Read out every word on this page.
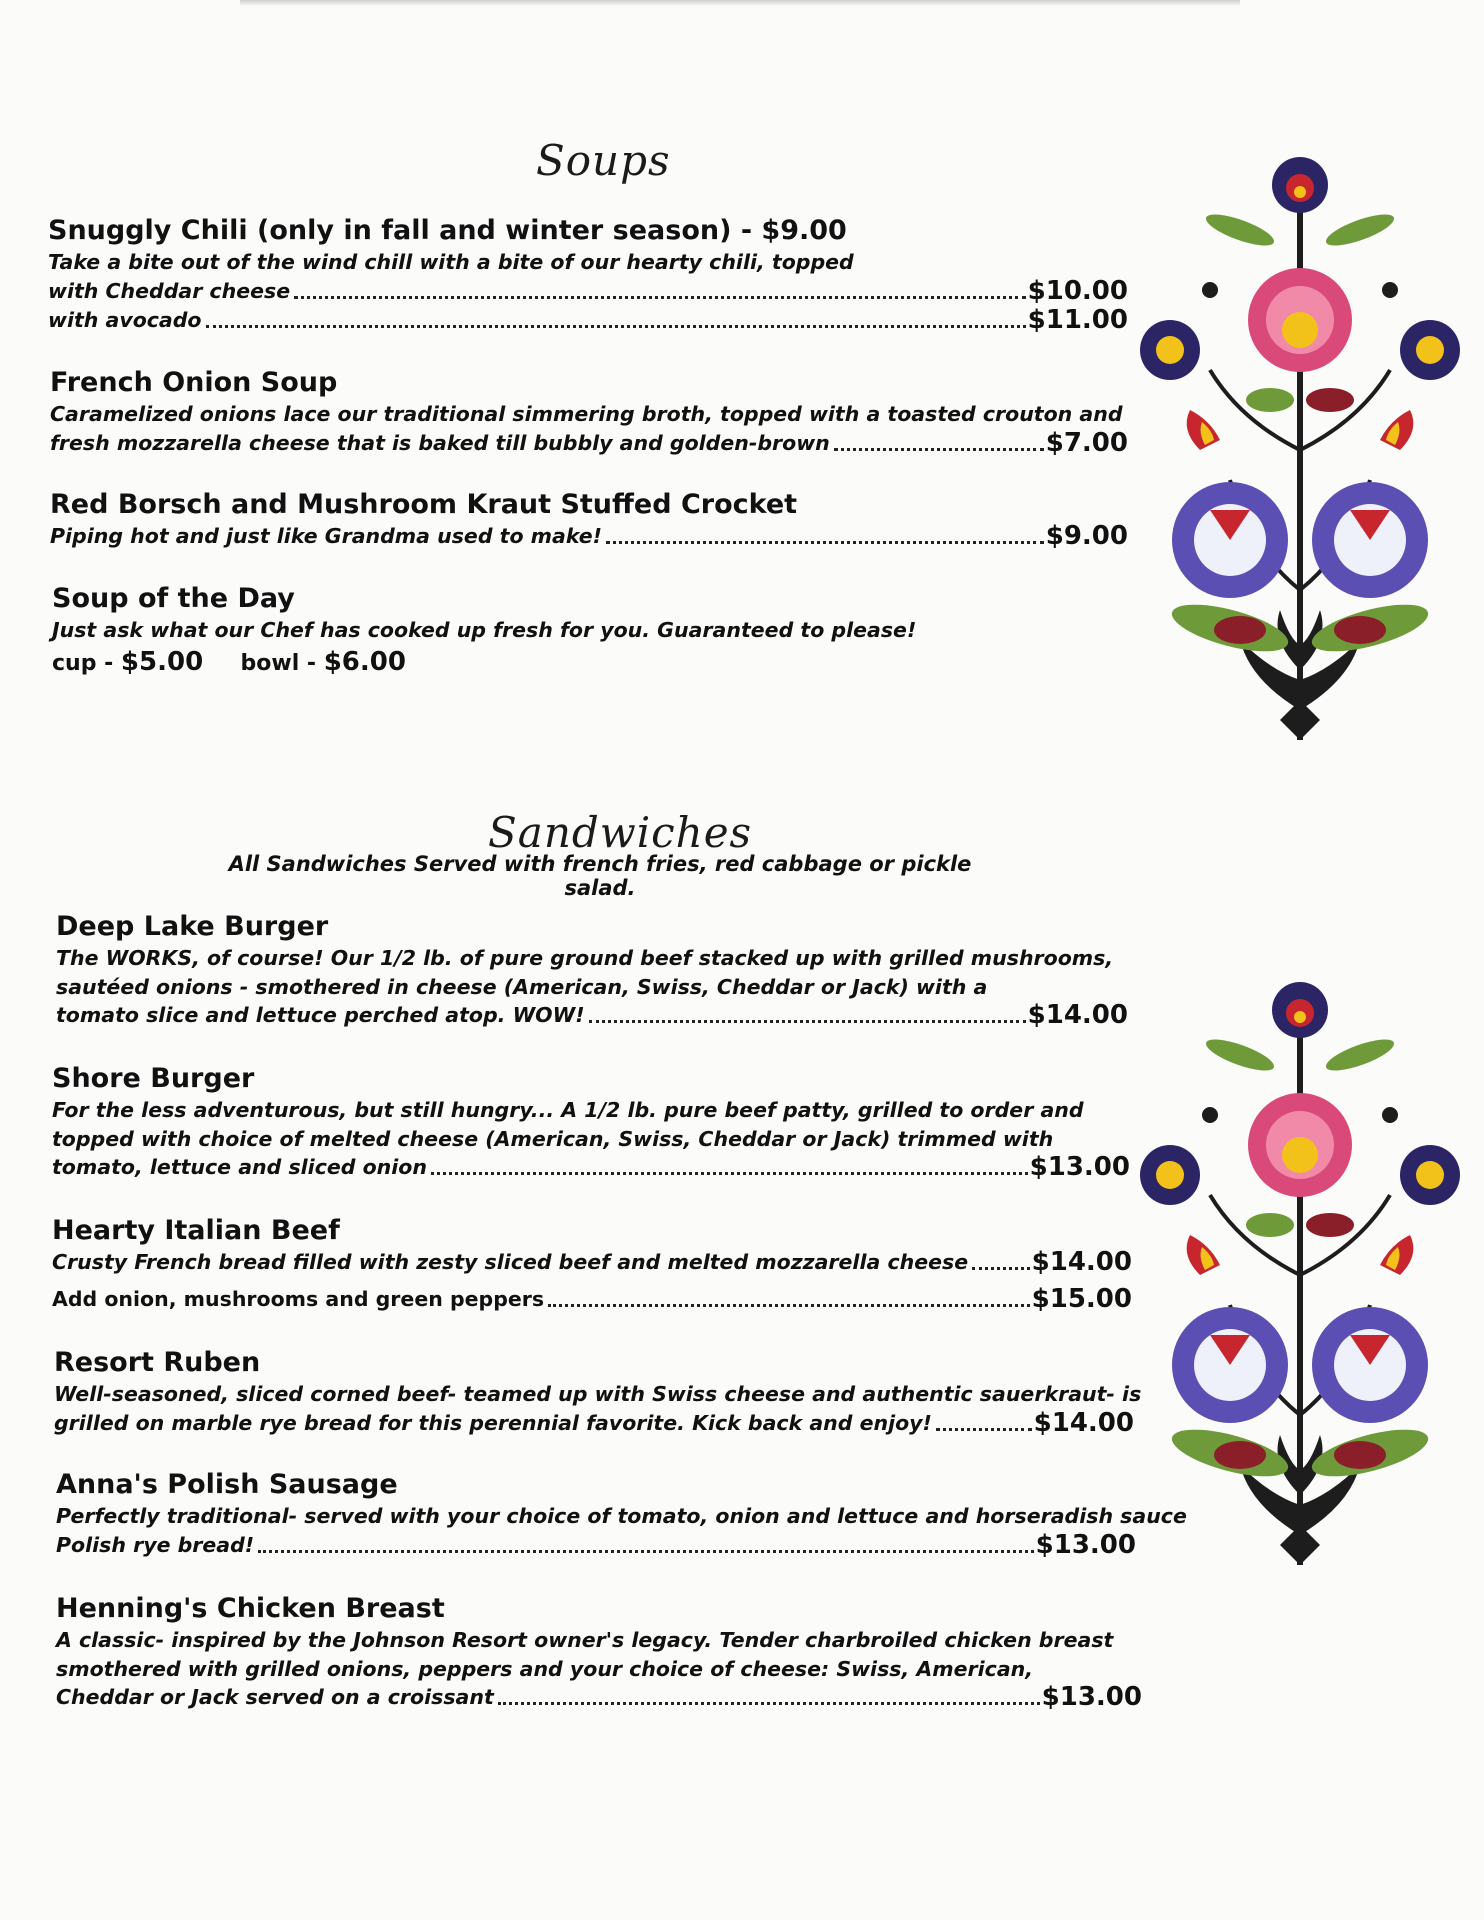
Soups
Snuggly Chili (only in fall and winter season) - $9.00
Take a bite out of the wind chill with a bite of our hearty chili, topped
with Cheddar cheese	$10.00
with avocado	$11.00
French Onion Soup
Caramelized onions lace our traditional simmering broth, topped with a toasted crouton and
fresh mozzarella cheese that is baked till bubbly and golden-brown	$7.00
Red Borsch and Mushroom Kraut Stuffed Crocket
Piping hot and just like Grandma used to make!	$9.00
Soup of the Day
Just ask what our Chef has cooked up fresh for you. Guaranteed to please!
cup - $5.00 bowl - $6.00
Sandwiches
All Sandwiches Served with french fries, red cabbage or pickle salad.
Deep Lake Burger
The WORKS, of course! Our 1/2 lb. of pure ground beef stacked up with grilled mushrooms,
sautéed onions - smothered in cheese (American, Swiss, Cheddar or Jack) with a
tomato slice and lettuce perched atop. WOW!	$14.00
Shore Burger
For the less adventurous, but still hungry... A 1/2 lb. pure beef patty, grilled to order and
topped with choice of melted cheese (American, Swiss, Cheddar or Jack) trimmed with
tomato, lettuce and sliced onion	$13.00
Hearty Italian Beef
Crusty French bread filled with zesty sliced beef and melted mozzarella cheese $14.00
Add onion, mushrooms and green peppers	$15.00
Resort Ruben
Well-seasoned, sliced corned beef- teamed up with Swiss cheese and authentic sauerkraut- is
grilled on marble rye bread for this perennial favorite. Kick back and enjoy!	$14.00
Anna's Polish Sausage
Perfectly traditional- served with your choice of tomato, onion and lettuce and horseradish sauce
Polish rye bread!	$13.00
Henning's Chicken Breast
A classic- inspired by the Johnson Resort owner's legacy. Tender charbroiled chicken breast
smothered with grilled onions, peppers and your choice of cheese: Swiss, American,
Cheddar or Jack served on a croissant	$13.00
